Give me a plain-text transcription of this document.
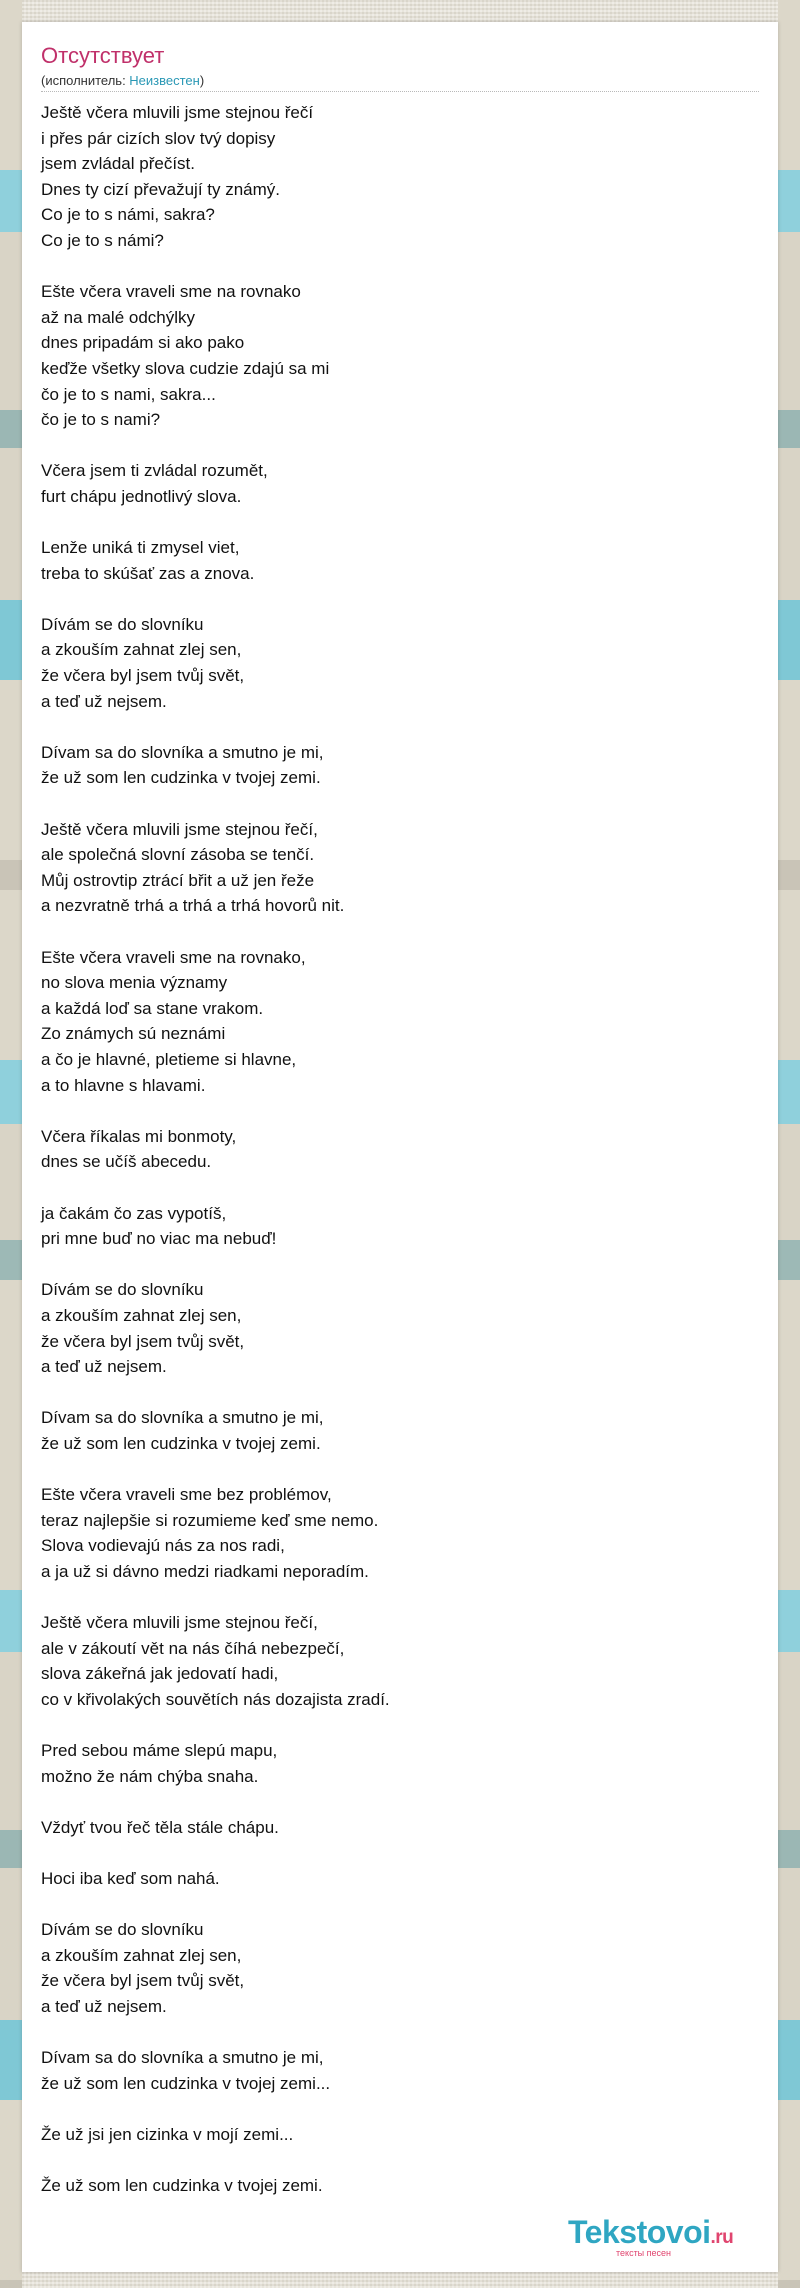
Отсутствует
(исполнитель: Неизвестен)
Ještě včera mluvili jsme stejnou řečí
i přes pár cizích slov tvý dopisy
jsem zvládal přečíst.
Dnes ty cizí převažují ty známý.
Co je to s námi, sakra?
Co je to s námi?
Ešte včera vraveli sme na rovnako
až na malé odchýlky
dnes pripadám si ako pako
keďže všetky slova cudzie zdajú sa mi
čo je to s nami, sakra...
čo je to s nami?
Včera jsem ti zvládal rozumět,
furt chápu jednotlivý slova.
Lenže uniká ti zmysel viet,
treba to skúšať zas a znova.
Dívám se do slovníku
a zkouším zahnat zlej sen,
že včera byl jsem tvůj svět,
a teď už nejsem.
Dívam sa do slovníka a smutno je mi,
že už som len cudzinka v tvojej zemi.
Ještě včera mluvili jsme stejnou řečí,
ale společná slovní zásoba se tenčí.
Můj ostrovtip ztrácí břit a už jen řeže
a nezvratně trhá a trhá a trhá hovorů nit.
Ešte včera vraveli sme na rovnako,
no slova menia významy
a každá loď sa stane vrakom.
Zo známych sú neznámi
a čo je hlavné, pletieme si hlavne,
a to hlavne s hlavami.
Včera říkalas mi bonmoty,
dnes se učíš abecedu.
ja čakám čo zas vypotíš,
pri mne buď no viac ma nebuď!
Dívám se do slovníku
a zkouším zahnat zlej sen,
že včera byl jsem tvůj svět,
a teď už nejsem.
Dívam sa do slovníka a smutno je mi,
že už som len cudzinka v tvojej zemi.
Ešte včera vraveli sme bez problémov,
teraz najlepšie si rozumieme keď sme nemo.
Slova vodievajú nás za nos radi,
a ja už si dávno medzi riadkami neporadím.
Ještě včera mluvili jsme stejnou řečí,
ale v zákoutí vět na nás číhá nebezpečí,
slova zákeřná jak jedovatí hadi,
co v křivolakých souvětích nás dozajista zradí.
Pred sebou máme slepú mapu,
možno že nám chýba snaha.
Vždyť tvou řeč těla stále chápu.
Hoci iba keď som nahá.
Dívám se do slovníku
a zkouším zahnat zlej sen,
že včera byl jsem tvůj svět,
a teď už nejsem.
Dívam sa do slovníka a smutno je mi,
že už som len cudzinka v tvojej zemi...
Že už jsi jen cizinka v mojí zemi...
Že už som len cudzinka v tvojej zemi.
Tekstovoi.ru
тексты песен
